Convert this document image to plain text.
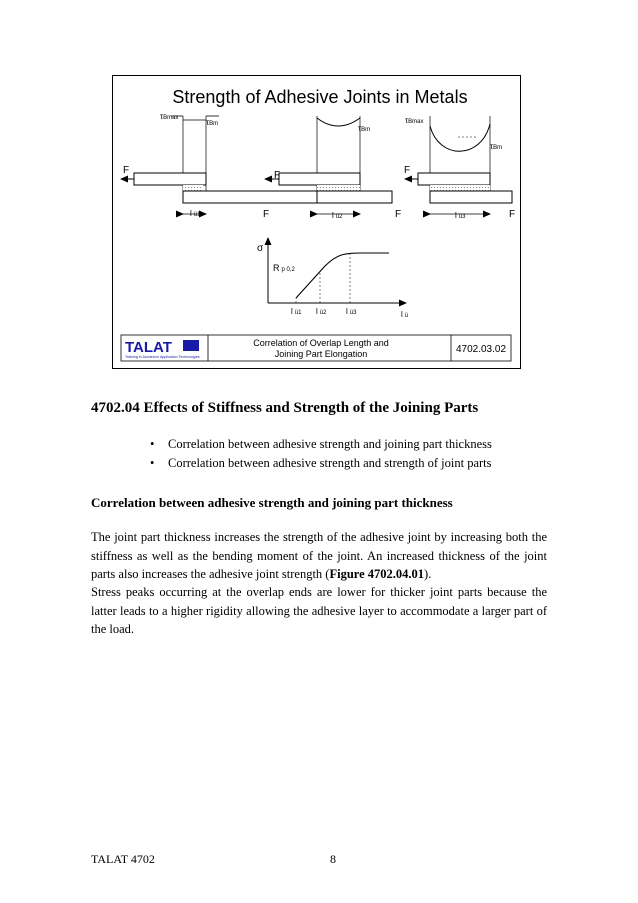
Strength of Adhesive Joints in Metals
τBmax	τBm
F
l ü1	F
τBm
F
l ü2	F
τBmax
τBm
F
l ü3	F
σ
Rp 0,2
l ü1 l ü2 l ü3	l ü
TALAT
Training in Aluminium Application Technologies
Correlation of Overlap Length and
Joining Part Elongation	4702.03.02
4702.04 Effects of Stiffness and Strength of the Joining Parts
• Correlation between adhesive strength and joining part thickness
• Correlation between adhesive strength and strength of joint parts
Correlation between adhesive strength and joining part thickness

The joint part thickness increases the strength of the adhesive joint by increasing both the stiffness as well as the bending moment of the joint. An increased thickness of the joint parts also increases the adhesive joint strength (Figure 4702.04.01).

Stress peaks occurring at the overlap ends are lower for thicker joint parts because the latter leads to a higher rigidity allowing the adhesive layer to accommodate a larger part of the load.

TALAT 4702	8
